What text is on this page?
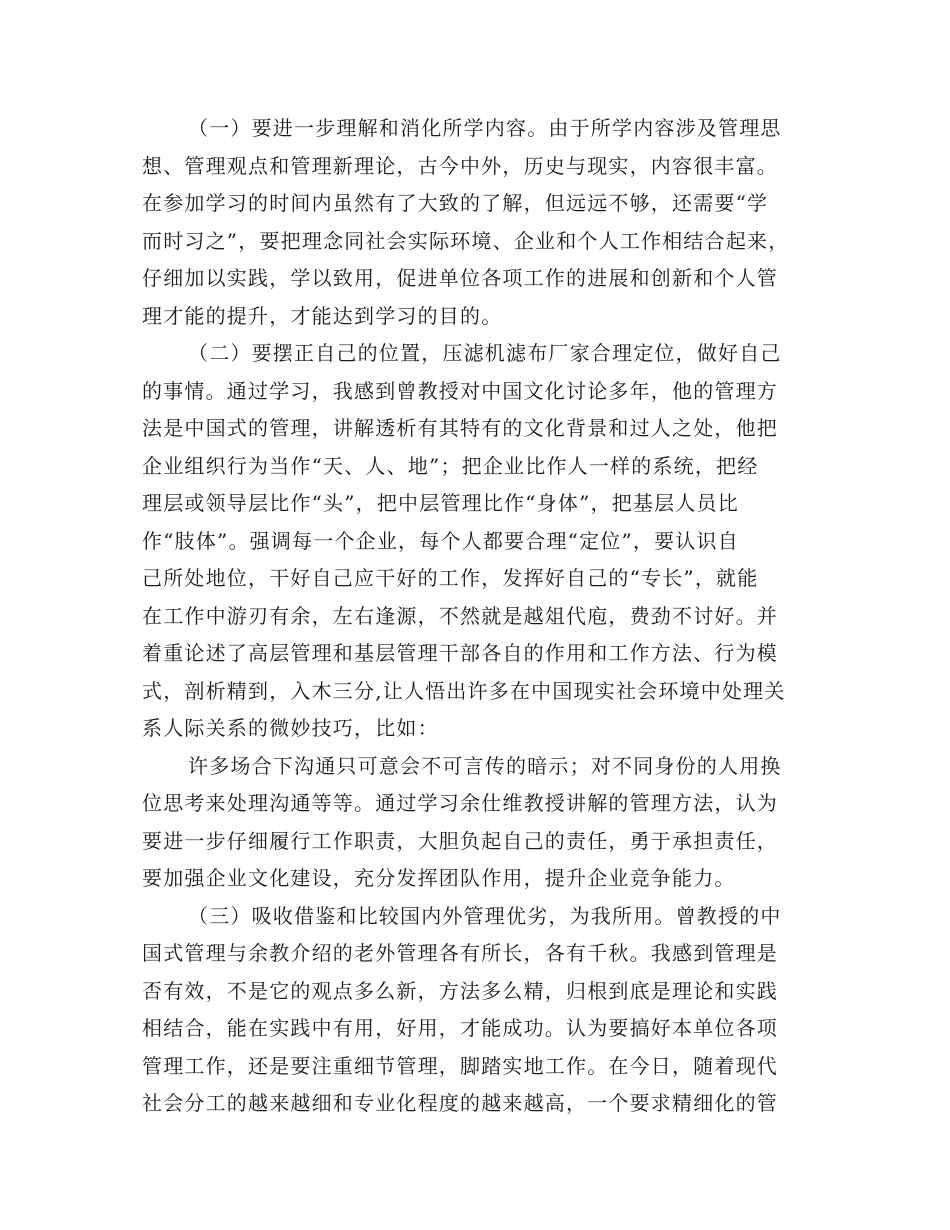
（一）要进一步理解和消化所学内容。由于所学内容涉及管理思
想、管理观点和管理新理论，古今中外，历史与现实，内容很丰富。
在参加学习的时间内虽然有了大致的了解，但远远不够，还需要“学
而时习之”，要把理念同社会实际环境、企业和个人工作相结合起来，
仔细加以实践，学以致用，促进单位各项工作的进展和创新和个人管
理才能的提升，才能达到学习的目的。
（二）要摆正自己的位置，压滤机滤布厂家合理定位，做好自己
的事情。通过学习，我感到曾教授对中国文化讨论多年，他的管理方
法是中国式的管理，讲解透析有其特有的文化背景和过人之处，他把
企业组织行为当作“天、人、地”；把企业比作人一样的系统，把经
理层或领导层比作“头”，把中层管理比作“身体”，把基层人员比
作“肢体”。强调每一个企业，每个人都要合理“定位”，要认识自
己所处地位，干好自己应干好的工作，发挥好自己的“专长”，就能
在工作中游刃有余，左右逢源，不然就是越俎代庖，费劲不讨好。并
着重论述了高层管理和基层管理干部各自的作用和工作方法、行为模
式，剖析精到，入木三分,让人悟出许多在中国现实社会环境中处理关
系人际关系的微妙技巧，比如：
许多场合下沟通只可意会不可言传的暗示；对不同身份的人用换
位思考来处理沟通等等。通过学习余仕维教授讲解的管理方法，认为
要进一步仔细履行工作职责，大胆负起自己的责任，勇于承担责任，
要加强企业文化建设，充分发挥团队作用，提升企业竞争能力。
（三）吸收借鉴和比较国内外管理优劣，为我所用。曾教授的中
国式管理与余教介绍的老外管理各有所长，各有千秋。我感到管理是
否有效，不是它的观点多么新，方法多么精，归根到底是理论和实践
相结合，能在实践中有用，好用，才能成功。认为要搞好本单位各项
管理工作，还是要注重细节管理，脚踏实地工作。在今日，随着现代
社会分工的越来越细和专业化程度的越来越高，一个要求精细化的管
